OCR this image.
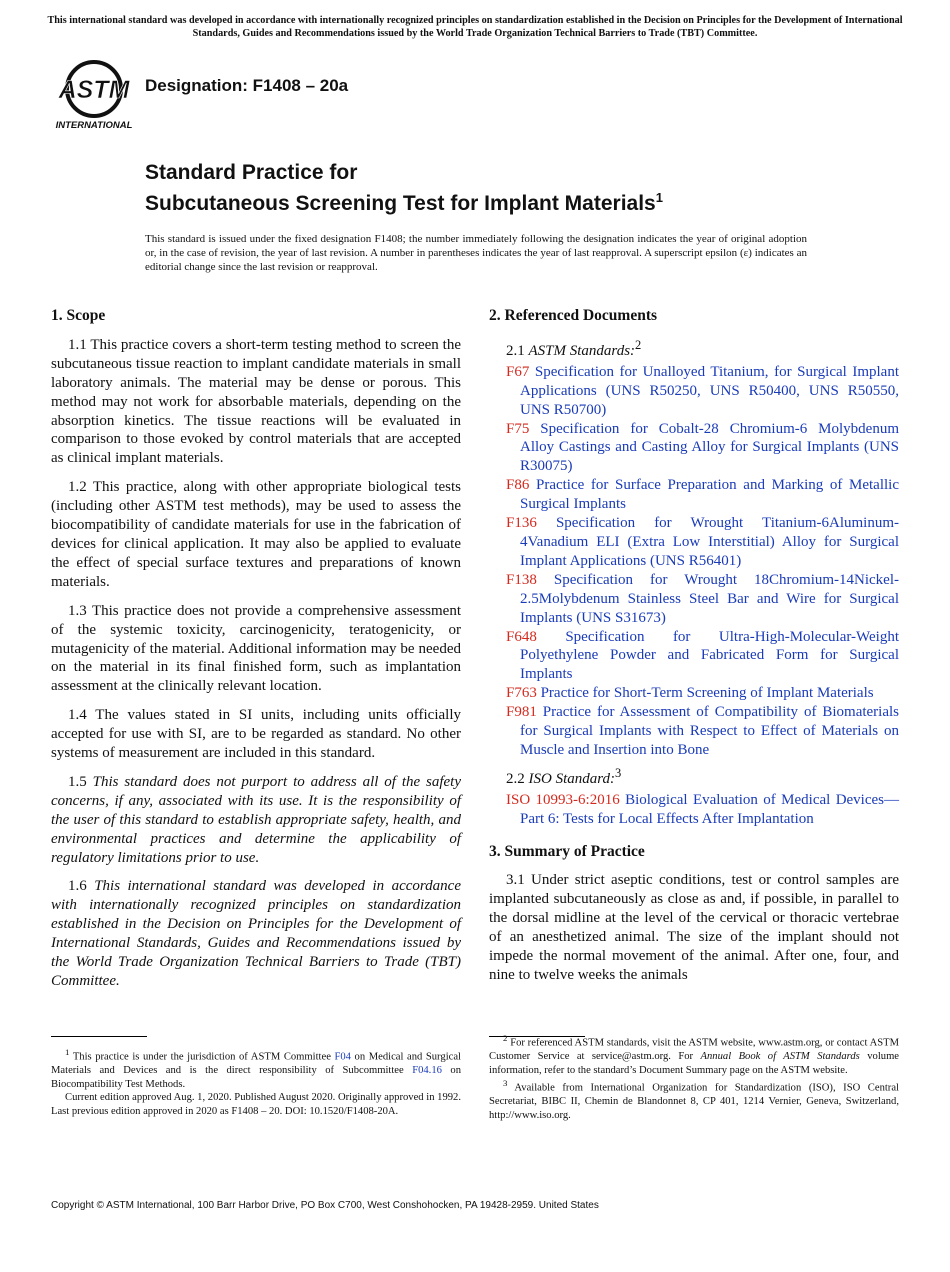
This international standard was developed in accordance with internationally recognized principles on standardization established in the Decision on Principles for the Development of International Standards, Guides and Recommendations issued by the World Trade Organization Technical Barriers to Trade (TBT) Committee.
ASTM
INTERNATIONAL
Designation: F1408 – 20a
Standard Practice for
Subcutaneous Screening Test for Implant Materials$^1$
This standard is issued under the fixed designation F1408; the number immediately following the designation indicates the year of original adoption or, in the case of revision, the year of last revision. A number in parentheses indicates the year of last reapproval. A superscript epsilon (ε) indicates an editorial change since the last revision or reapproval.
1. Scope

1.1 This practice covers a short-term testing method to screen the subcutaneous tissue reaction to implant candidate materials in small laboratory animals. The material may be dense or porous. This method may not work for absorbable materials, depending on the absorption kinetics. The tissue reactions will be evaluated in comparison to those evoked by control materials that are accepted as clinical implant materials.

1.2 This practice, along with other appropriate biological tests (including other ASTM test methods), may be used to assess the biocompatibility of candidate materials for use in the fabrication of devices for clinical application. It may also be applied to evaluate the effect of special surface textures and preparations of known materials.

1.3 This practice does not provide a comprehensive assessment of the systemic toxicity, carcinogenicity, teratogenicity, or mutagenicity of the material. Additional information may be needed on the material in its final finished form, such as implantation assessment at the clinically relevant location.

1.4 The values stated in SI units, including units officially accepted for use with SI, are to be regarded as standard. No other systems of measurement are included in this standard.

1.5 This standard does not purport to address all of the safety concerns, if any, associated with its use. It is the responsibility of the user of this standard to establish appropriate safety, health, and environmental practices and determine the applicability of regulatory limitations prior to use.

1.6 This international standard was developed in accordance with internationally recognized principles on standardization established in the Decision on Principles for the Development of International Standards, Guides and Recommendations issued by the World Trade Organization Technical Barriers to Trade (TBT) Committee.

2. Referenced Documents
2.1 ASTM Standards:$^2$
F67 Specification for Unalloyed Titanium, for Surgical Implant Applications (UNS R50250, UNS R50400, UNS R50550, UNS R50700)
F75 Specification for Cobalt-28 Chromium-6 Molybdenum Alloy Castings and Casting Alloy for Surgical Implants (UNS R30075)
F86 Practice for Surface Preparation and Marking of Metallic Surgical Implants
F136 Specification for Wrought Titanium-6Aluminum-4Vanadium ELI (Extra Low Interstitial) Alloy for Surgical Implant Applications (UNS R56401)
F138 Specification for Wrought 18Chromium-14Nickel-2.5Molybdenum Stainless Steel Bar and Wire for Surgical Implants (UNS S31673)
F648 Specification for Ultra-High-Molecular-Weight Polyethylene Powder and Fabricated Form for Surgical Implants
F763 Practice for Short-Term Screening of Implant Materials
F981 Practice for Assessment of Compatibility of Biomaterials for Surgical Implants with Respect to Effect of Materials on Muscle and Insertion into Bone
2.2 ISO Standard:$^3$
ISO 10993-6:2016 Biological Evaluation of Medical Devices—Part 6: Tests for Local Effects After Implantation
3. Summary of Practice

3.1 Under strict aseptic conditions, test or control samples are implanted subcutaneously as close as and, if possible, in parallel to the dorsal midline at the level of the cervical or thoracic vertebrae of an anesthetized animal. The size of the implant should not impede the normal movement of the animal. After one, four, and nine to twelve weeks the animals

$^1$ This practice is under the jurisdiction of ASTM Committee F04 on Medical and Surgical Materials and Devices and is the direct responsibility of Subcommittee F04.16 on Biocompatibility Test Methods.

Current edition approved Aug. 1, 2020. Published August 2020. Originally approved in 1992. Last previous edition approved in 2020 as F1408 – 20. DOI: 10.1520/F1408-20A.

$^2$ For referenced ASTM standards, visit the ASTM website, www.astm.org, or contact ASTM Customer Service at service@astm.org. For Annual Book of ASTM Standards volume information, refer to the standard’s Document Summary page on the ASTM website.

$^3$ Available from International Organization for Standardization (ISO), ISO Central Secretariat, BIBC II, Chemin de Blandonnet 8, CP 401, 1214 Vernier, Geneva, Switzerland, http://www.iso.org.

Copyright © ASTM International, 100 Barr Harbor Drive, PO Box C700, West Conshohocken, PA 19428-2959. United States
